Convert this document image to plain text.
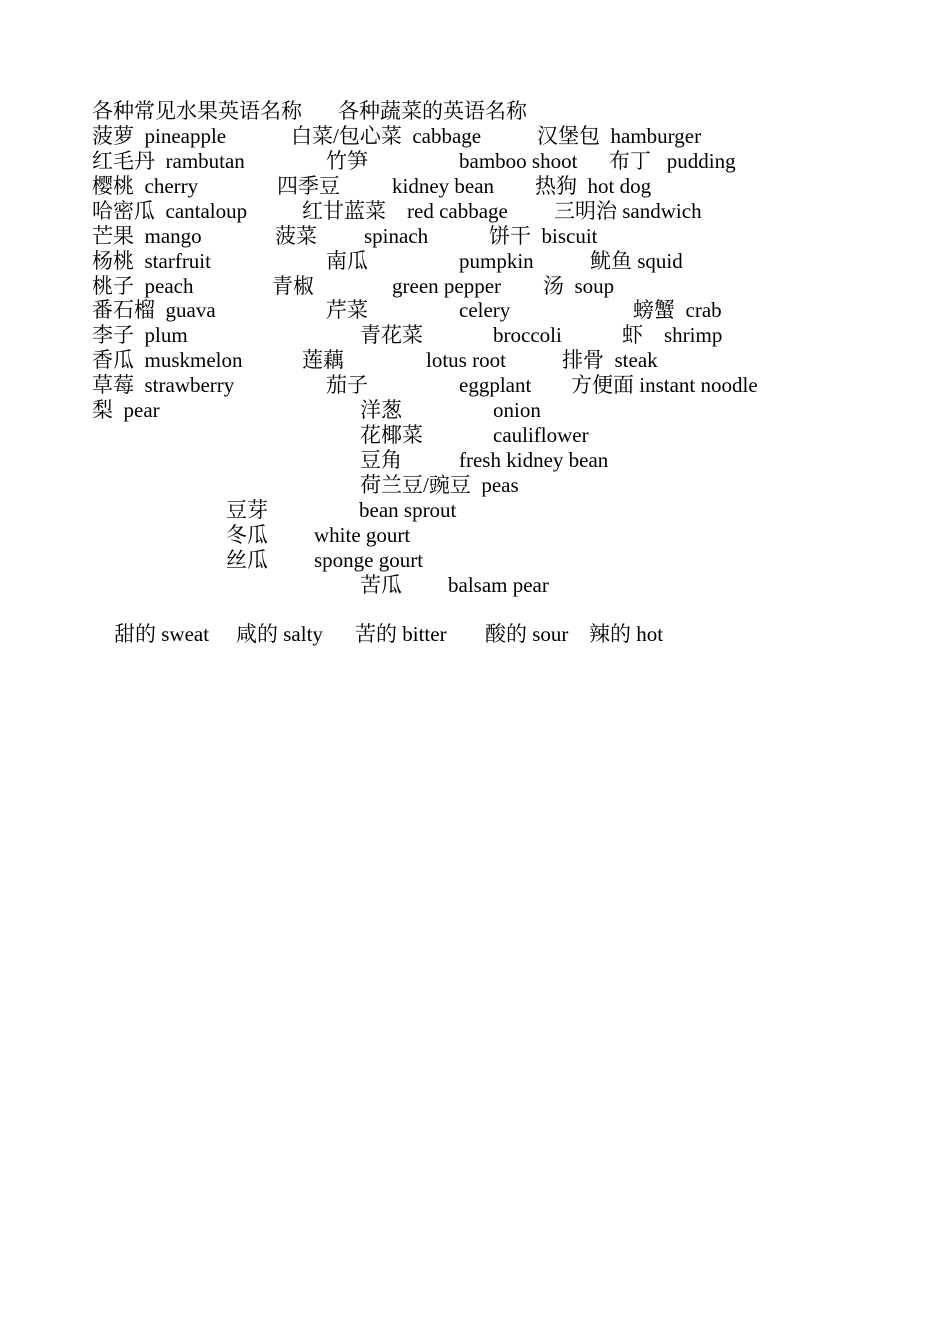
各种常见水果英语名称 各种蔬菜的英语名称
菠萝  pineapple	白菜/包心菜  cabbage	汉堡包  hamburger
红毛丹  rambutan	竹笋	bamboo shoot 布丁   pudding
樱桃  cherry	四季豆 kidney bean 热狗  hot dog
哈密瓜  cantaloup	红甘蓝菜    red cabbage 三明治 sandwich
芒果  mango	菠菜 spinach	饼干  biscuit
杨桃  starfruit	南瓜	pumpkin	鱿鱼 squid
桃子  peach	青椒	green pepper 汤  soup
番石榴  guava	芹菜	celery	螃蟹  crab
李子  plum	青花菜	broccoli	虾    shrimp
香瓜  muskmelon	莲藕	lotus root	排骨  steak
草莓  strawberry	茄子	eggplant 方便面 instant noodle
梨  pear	洋葱	onion
花椰菜	cauliflower
豆角	fresh kidney bean
荷兰豆/豌豆  peas
豆芽	bean sprout
冬瓜 white gourt
丝瓜 sponge gourt
苦瓜 balsam pear
甜的 sweat 咸的 salty 苦的 bitter 酸的 sour 辣的 hot
